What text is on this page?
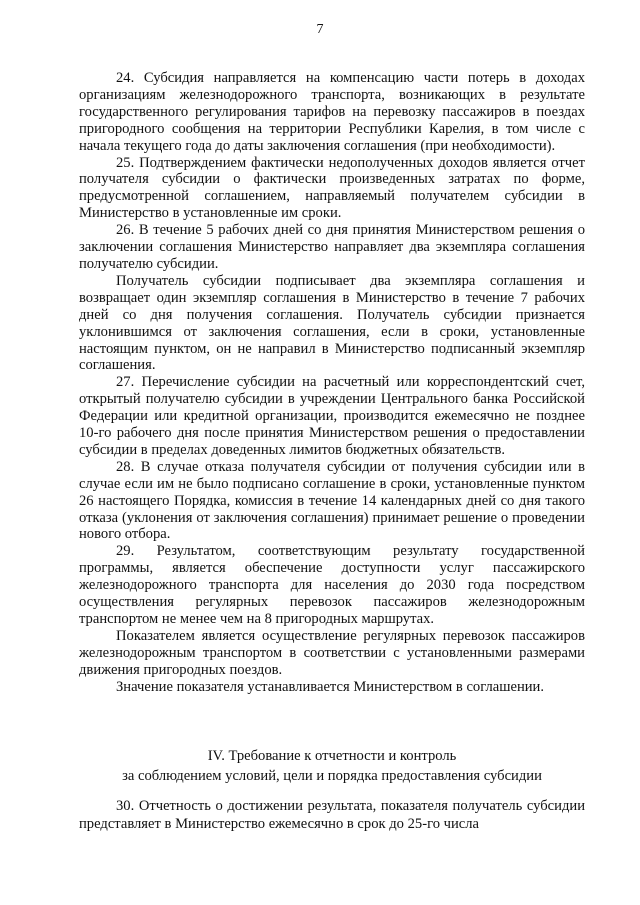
7

24. Субсидия направляется на компенсацию части потерь в доходах организациям железнодорожного транспорта, возникающих в результате государственного регулирования тарифов на перевозку пассажиров в поездах пригородного сообщения на территории Республики Карелия, в том числе с начала текущего года до даты заключения соглашения (при необходимости).

25. Подтверждением фактически недополученных доходов является отчет получателя субсидии о фактически произведенных затратах по форме, предусмотренной соглашением, направляемый получателем субсидии в Министерство в установленные им сроки.

26. В течение 5 рабочих дней со дня принятия Министерством решения о заключении соглашения Министерство направляет два экземпляра соглашения получателю субсидии.

Получатель субсидии подписывает два экземпляра соглашения и возвращает один экземпляр соглашения в Министерство в течение 7 рабочих дней со дня получения соглашения. Получатель субсидии признается уклонившимся от заключения соглашения, если в сроки, установленные настоящим пунктом, он не направил в Министерство подписанный экземпляр соглашения.

27. Перечисление субсидии на расчетный или корреспондентский счет, открытый получателю субсидии в учреждении Центрального банка Российской Федерации или кредитной организации, производится ежемесячно не позднее 10-го рабочего дня после принятия Министерством решения о предоставлении субсидии в пределах доведенных лимитов бюджетных обязательств.

28. В случае отказа получателя субсидии от получения субсидии или в случае если им не было подписано соглашение в сроки, установленные пунктом 26 настоящего Порядка, комиссия в течение 14 календарных дней со дня такого отказа (уклонения от заключения соглашения) принимает решение о проведении нового отбора.

29. Результатом, соответствующим результату государственной программы, является обеспечение доступности услуг пассажирского железнодорожного транспорта для населения до 2030 года посредством осуществления регулярных перевозок пассажиров железнодорожным транспортом не менее чем на 8 пригородных маршрутах.

Показателем является осуществление регулярных перевозок пассажиров железнодорожным транспортом в соответствии с установленными размерами движения пригородных поездов.

Значение показателя устанавливается Министерством в соглашении.

IV. Требование к отчетности и контроль
за соблюдением условий, цели и порядка предоставления субсидии

30. Отчетность о достижении результата, показателя получатель субсидии представляет в Министерство ежемесячно в срок до 25-го числа
